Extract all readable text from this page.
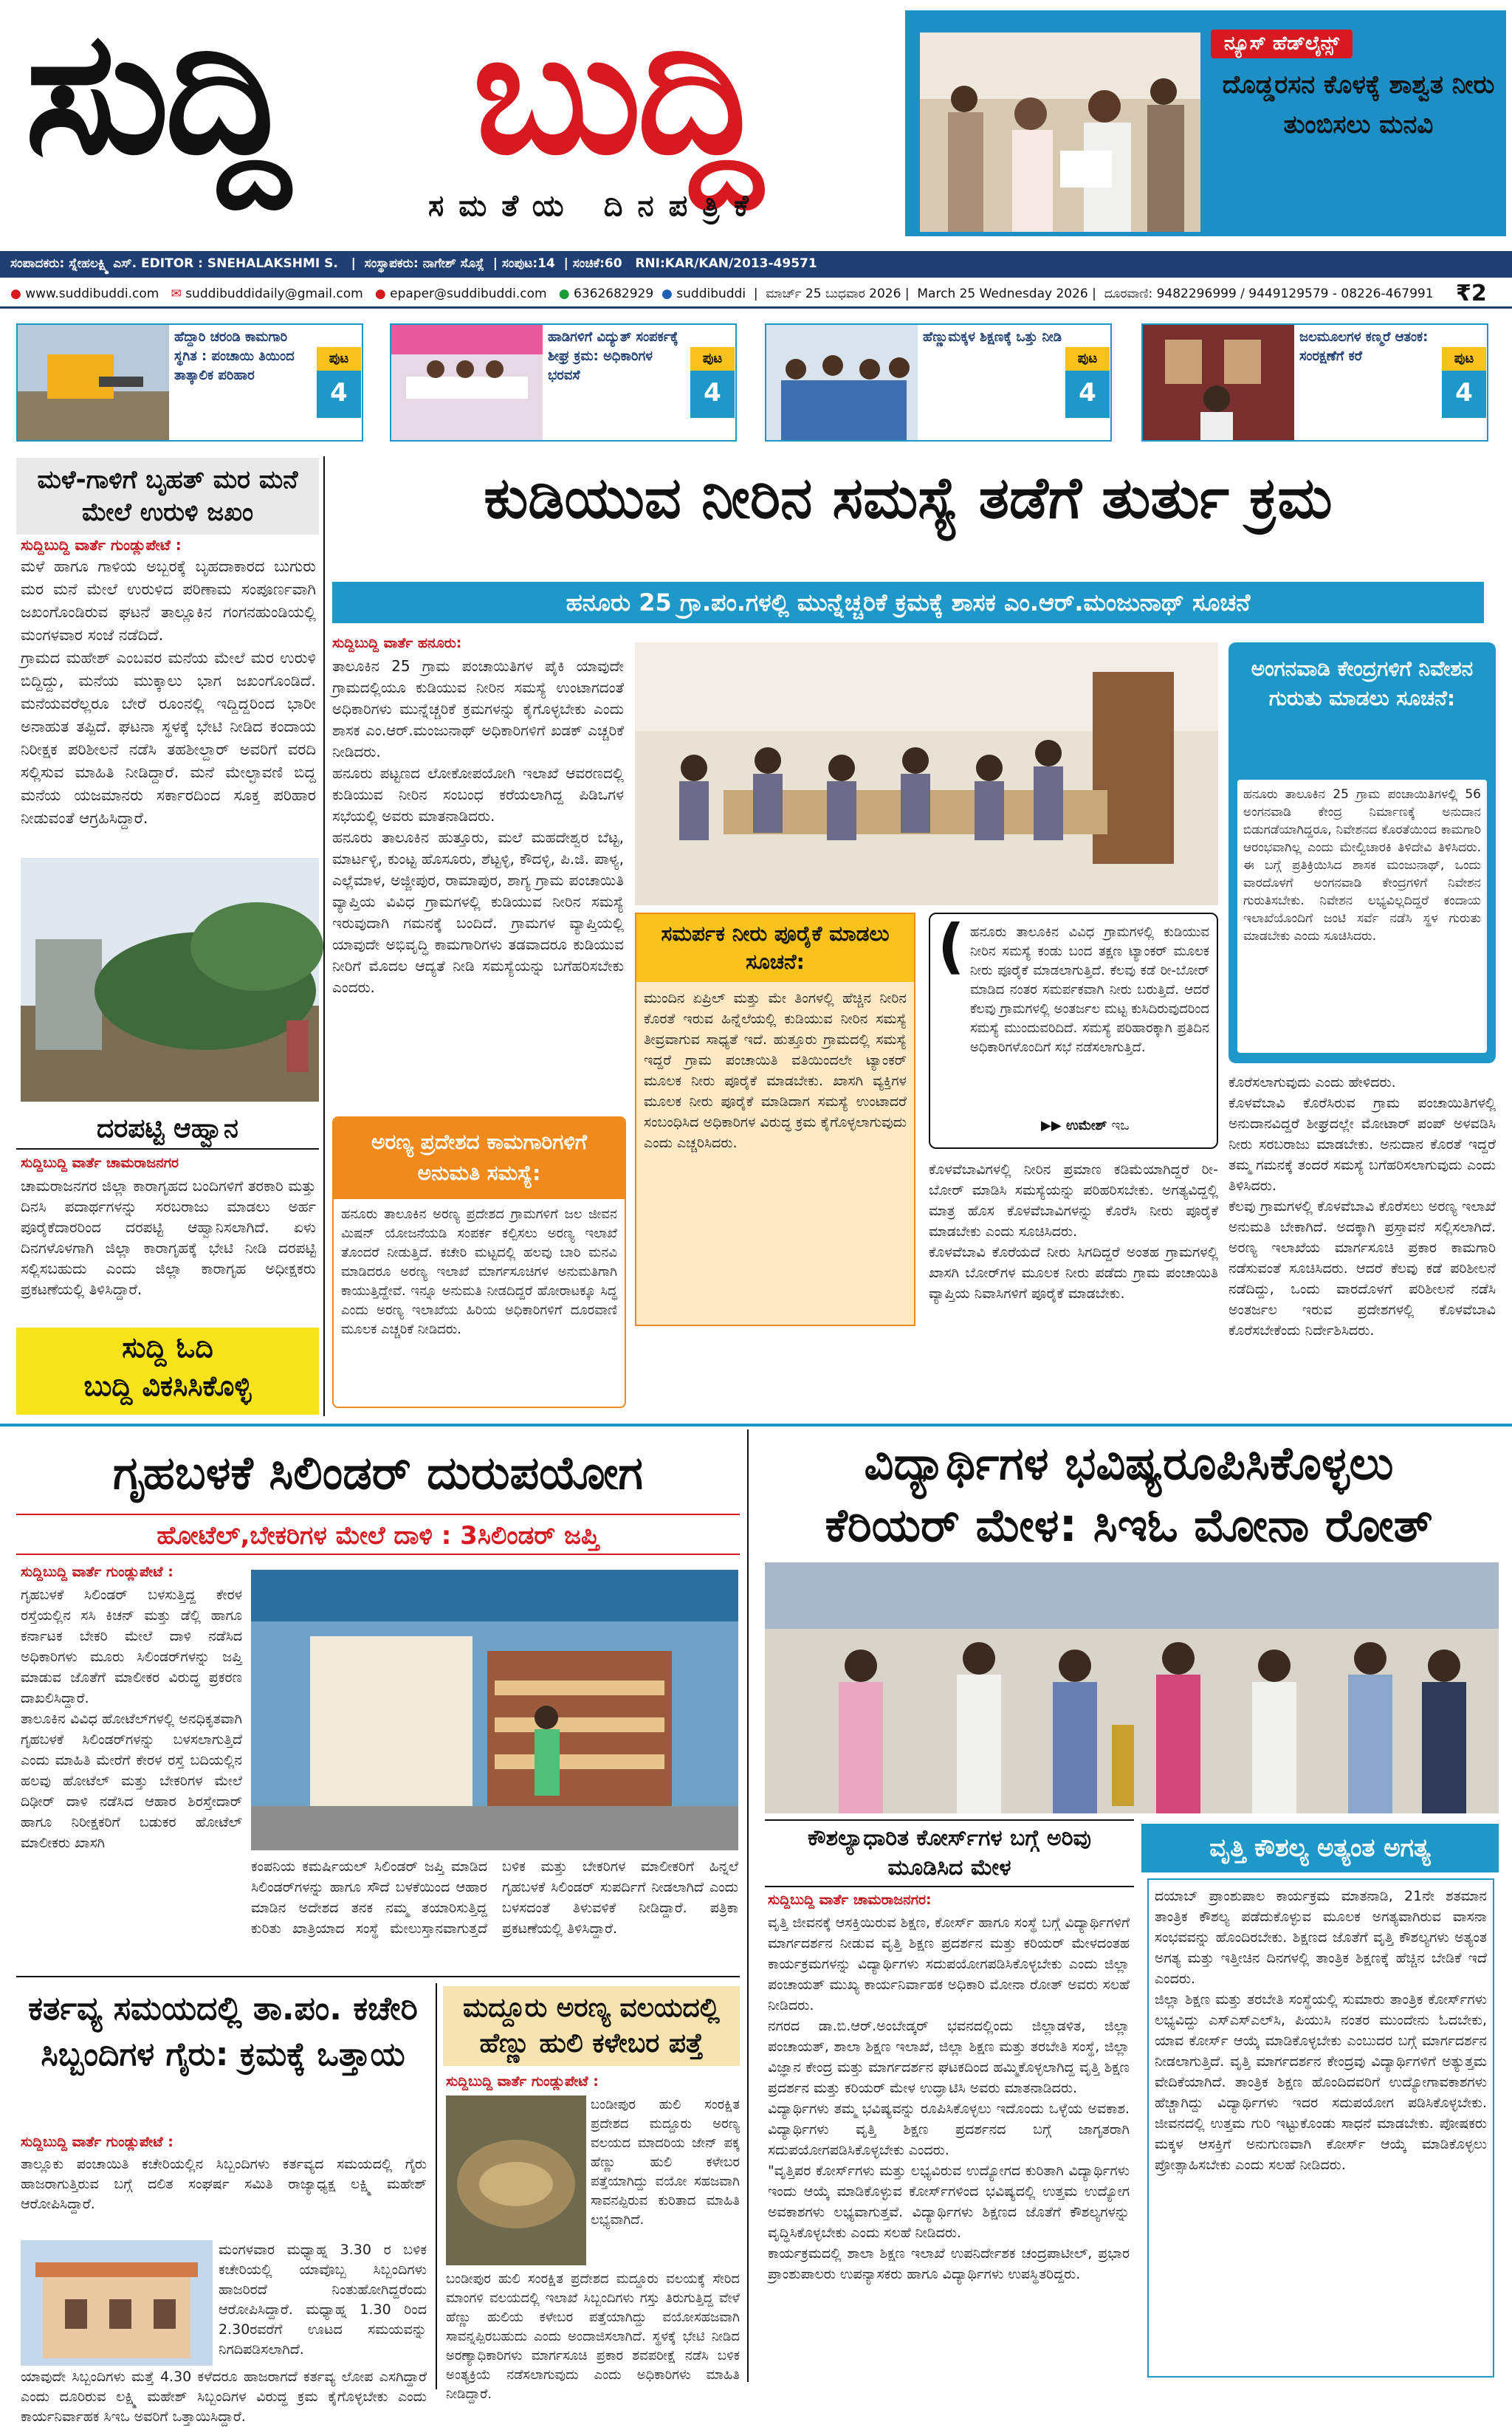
ಸುದ್ದಿ ಬುದ್ದಿ
ಸಮತೆಯ ದಿನಪತ್ರಿಕೆ
ನ್ಯೂಸ್ ಹೆಡ್‌ಲೈನ್ಸ್
ದೊಡ್ಡರಸನ ಕೊಳಕ್ಕೆ ಶಾಶ್ವತ ನೀರು ತುಂಬಿಸಲು ಮನವಿ
ಸಂಪಾದಕರು: ಸ್ನೇಹಲಕ್ಷ್ಮಿ ಎಸ್. EDITOR : SNEHALAKSHMI S.   |  ಸಂಸ್ಥಾಪಕರು: ನಾಗೇಶ್ ಸೊಸ್ಲೆ  | ಸಂಪುಟ:14  | ಸಂಚಿಕೆ:60 RNI:KAR/KAN/2013-49571
● www.suddibuddi.com ✉ suddibuddidaily@gmail.com ● epaper@suddibuddi.com ● 6362682929 ● suddibuddi  |  ಮಾರ್ಚ್ 25 ಬುಧವಾರ 2026 |  March 25 Wednesday 2026 |  ದೂರವಾಣಿ: 9482296999 / 9449129579 - 08226-467991	₹2
ಹೆದ್ದಾರಿ ಚರಂಡಿ ಕಾಮಗಾರಿ ಸ್ಥಗಿತ : ಪಂಚಾಯಿ ತಿಯಿಂದ ತಾತ್ಕಾಲಿಕ ಪರಿಹಾರ
ಪುಟ
4
ಹಾಡಿಗಳಿಗೆ ವಿದ್ಯುತ್ ಸಂಪರ್ಕಕ್ಕೆ ಶೀಘ್ರ ಕ್ರಮ: ಅಧಿಕಾರಿಗಳ ಭರವಸೆ
ಪುಟ
4
ಹೆಣ್ಣುಮಕ್ಕಳ ಶಿಕ್ಷಣಕ್ಕೆ ಒತ್ತು ನೀಡಿ
ಪುಟ
4
ಜಲಮೂಲಗಳ ಕಣ್ಮರೆ ಆತಂಕ: ಸಂರಕ್ಷಣೆಗೆ ಕರೆ	ಪುಟ
4
ಮಳೆ-ಗಾಳಿಗೆ ಬೃಹತ್ ಮರ ಮನೆ ಮೇಲೆ ಉರುಳಿ ಜಖಂ
ಸುದ್ದಿಬುದ್ದಿ ವಾರ್ತೆ ಗುಂಡ್ಲುಪೇಟೆ :
ಮಳೆ ಹಾಗೂ ಗಾಳಿಯ ಅಬ್ಬರಕ್ಕೆ ಬೃಹದಾಕಾರದ ಬುಗುರು ಮರ ಮನೆ ಮೇಲೆ ಉರುಳಿದ ಪರಿಣಾಮ ಸಂಪೂರ್ಣವಾಗಿ ಜಖಂಗೊಂಡಿರುವ ಘಟನೆ ತಾಲ್ಲೂಕಿನ ಗಂಗನಹುಂಡಿಯಲ್ಲಿ ಮಂಗಳವಾರ ಸಂಜೆ ನಡೆದಿದೆ.
ಗ್ರಾಮದ ಮಹೇಶ್ ಎಂಬವರ ಮನೆಯ ಮೇಲೆ ಮರ ಉರುಳಿ ಬಿದ್ದಿದ್ದು, ಮನೆಯ ಮುಕ್ಕಾಲು ಭಾಗ ಜಖಂಗೊಂಡಿದೆ. ಮನೆಯವರೆಲ್ಲರೂ ಬೇರೆ ರೂಂನಲ್ಲಿ ಇದ್ದಿದ್ದರಿಂದ ಭಾರೀ ಅನಾಹುತ ತಪ್ಪಿದೆ. ಘಟನಾ ಸ್ಥಳಕ್ಕೆ ಭೇಟಿ ನೀಡಿದ ಕಂದಾಯ ನಿರೀಕ್ಷಕ ಪರಿಶೀಲನೆ ನಡೆಸಿ ತಹಶೀಲ್ದಾರ್ ಅವರಿಗೆ ವರದಿ ಸಲ್ಲಿಸುವ ಮಾಹಿತಿ ನೀಡಿದ್ದಾರೆ. ಮನೆ ಮೇಲ್ಛಾವಣಿ ಬಿದ್ದ ಮನೆಯ ಯಜಮಾನರು ಸರ್ಕಾರದಿಂದ ಸೂಕ್ತ ಪರಿಹಾರ ನೀಡುವಂತೆ ಆಗ್ರಹಿಸಿದ್ದಾರೆ.
ದರಪಟ್ಟಿ ಆಹ್ವಾನ
ಸುದ್ದಿಬುದ್ದಿ ವಾರ್ತೆ ಚಾಮರಾಜನಗರ
ಚಾಮರಾಜನಗರ ಜಿಲ್ಲಾ ಕಾರಾಗೃಹದ ಬಂದಿಗಳಿಗೆ ತರಕಾರಿ ಮತ್ತು ದಿನಸಿ ಪದಾರ್ಥಗಳನ್ನು ಸರಬರಾಜು ಮಾಡಲು ಅರ್ಹ ಪೂರೈಕೆದಾರರಿಂದ ದರಪಟ್ಟಿ ಆಹ್ವಾನಿಸಲಾಗಿದೆ. ಏಳು ದಿನಗಳೊಳಗಾಗಿ ಜಿಲ್ಲಾ ಕಾರಾಗೃಹಕ್ಕೆ ಭೇಟಿ ನೀಡಿ ದರಪಟ್ಟಿ ಸಲ್ಲಿಸಬಹುದು ಎಂದು ಜಿಲ್ಲಾ ಕಾರಾಗೃಹ ಅಧೀಕ್ಷಕರು ಪ್ರಕಟಣೆಯಲ್ಲಿ ತಿಳಿಸಿದ್ದಾರೆ.
ಸುದ್ದಿ ಓದಿ
ಬುದ್ದಿ ವಿಕಸಿಸಿಕೊಳ್ಳಿ
ಕುಡಿಯುವ ನೀರಿನ ಸಮಸ್ಯೆ ತಡೆಗೆ ತುರ್ತು ಕ್ರಮ
ಹನೂರು 25 ಗ್ರಾ.ಪಂ.ಗಳಲ್ಲಿ ಮುನ್ನೆಚ್ಚರಿಕೆ ಕ್ರಮಕ್ಕೆ ಶಾಸಕ ಎಂ.ಆರ್.ಮಂಜುನಾಥ್ ಸೂಚನೆ
ಸುದ್ದಿಬುದ್ದಿ ವಾರ್ತೆ ಹನೂರು:
ತಾಲೂಕಿನ 25 ಗ್ರಾಮ ಪಂಚಾಯಿತಿಗಳ ಪೈಕಿ ಯಾವುದೇ ಗ್ರಾಮದಲ್ಲಿಯೂ ಕುಡಿಯುವ ನೀರಿನ ಸಮಸ್ಯೆ ಉಂಟಾಗದಂತೆ ಅಧಿಕಾರಿಗಳು ಮುನ್ನೆಚ್ಚರಿಕೆ ಕ್ರಮಗಳನ್ನು ಕೈಗೊಳ್ಳಬೇಕು ಎಂದು ಶಾಸಕ ಎಂ.ಆರ್.ಮಂಜುನಾಥ್ ಅಧಿಕಾರಿಗಳಿಗೆ ಖಡಕ್ ಎಚ್ಚರಿಕೆ ನೀಡಿದರು.
ಹನೂರು ಪಟ್ಟಣದ ಲೋಕೋಪಯೋಗಿ ಇಲಾಖೆ ಆವರಣದಲ್ಲಿ ಕುಡಿಯುವ ನೀರಿನ ಸಂಬಂಧ ಕರೆಯಲಾಗಿದ್ದ ಪಿಡಿಒಗಳ ಸಭೆಯಲ್ಲಿ ಅವರು ಮಾತನಾಡಿದರು.
ಹನೂರು ತಾಲೂಕಿನ ಹುತ್ತೂರು, ಮಲೆ ಮಹದೇಶ್ವರ ಬೆಟ್ಟ, ಮಾರ್ಟಳ್ಳಿ, ಕುಂಟ್ಟ ಹೊಸೂರು, ಶೆಟ್ಟಳ್ಳಿ, ಕೌದಳ್ಳಿ, ಪಿ.ಜಿ. ಪಾಳ್ಯ, ಎಲ್ಲೆಮಾಳ, ಅಜ್ಜೀಪುರ, ರಾಮಾಪುರ, ಶಾಗ್ಯ ಗ್ರಾಮ ಪಂಚಾಯಿತಿ ವ್ಯಾಪ್ತಿಯ ವಿವಿಧ ಗ್ರಾಮಗಳಲ್ಲಿ ಕುಡಿಯುವ ನೀರಿನ ಸಮಸ್ಯೆ ಇರುವುದಾಗಿ ಗಮನಕ್ಕೆ ಬಂದಿದೆ. ಗ್ರಾಮಗಳ ವ್ಯಾಪ್ತಿಯಲ್ಲಿ ಯಾವುದೇ ಅಭಿವೃದ್ಧಿ ಕಾಮಗಾರಿಗಳು ತಡವಾದರೂ ಕುಡಿಯುವ ನೀರಿಗೆ ಮೊದಲ ಆದ್ಯತೆ ನೀಡಿ ಸಮಸ್ಯೆಯನ್ನು ಬಗೆಹರಿಸಬೇಕು ಎಂದರು.
ಸಮರ್ಪಕ ನೀರು ಪೂರೈಕೆ ಮಾಡಲು ಸೂಚನೆ:
ಮುಂದಿನ ಏಪ್ರಿಲ್ ಮತ್ತು ಮೇ ತಿಂಗಳಲ್ಲಿ ಹೆಚ್ಚಿನ ನೀರಿನ ಕೊರತೆ ಇರುವ ಹಿನ್ನೆಲೆಯಲ್ಲಿ ಕುಡಿಯುವ ನೀರಿನ ಸಮಸ್ಯೆ ತೀವ್ರವಾಗುವ ಸಾಧ್ಯತೆ ಇದೆ. ಹುತ್ತೂರು ಗ್ರಾಮದಲ್ಲಿ ಸಮಸ್ಯೆ ಇದ್ದರೆ ಗ್ರಾಮ ಪಂಚಾಯಿತಿ ವತಿಯಿಂದಲೇ ಟ್ಯಾಂಕರ್ ಮೂಲಕ ನೀರು ಪೂರೈಕೆ ಮಾಡಬೇಕು. ಖಾಸಗಿ ವ್ಯಕ್ತಿಗಳ ಮೂಲಕ ನೀರು ಪೂರೈಕೆ ಮಾಡಿದಾಗ ಸಮಸ್ಯೆ ಉಂಟಾದರೆ ಸಂಬಂಧಿಸಿದ ಅಧಿಕಾರಿಗಳ ವಿರುದ್ಧ ಕ್ರಮ ಕೈಗೊಳ್ಳಲಾಗುವುದು ಎಂದು ಎಚ್ಚರಿಸಿದರು.
( ಹನೂರು ತಾಲೂಕಿನ ವಿವಿಧ ಗ್ರಾಮಗಳಲ್ಲಿ ಕುಡಿಯುವ ನೀರಿನ ಸಮಸ್ಯೆ ಕಂಡು ಬಂದ ತಕ್ಷಣ ಟ್ಯಾಂಕರ್ ಮೂಲಕ ನೀರು ಪೂರೈಕೆ ಮಾಡಲಾಗುತ್ತಿದೆ. ಕೆಲವು ಕಡೆ ರೀ-ಬೋರ್ ಮಾಡಿದ ನಂತರ ಸಮರ್ಪಕವಾಗಿ ನೀರು ಬರುತ್ತಿದೆ. ಆದರೆ ಕೆಲವು ಗ್ರಾಮಗಳಲ್ಲಿ ಅಂತರ್ಜಲ ಮಟ್ಟ ಕುಸಿದಿರುವುದರಿಂದ ಸಮಸ್ಯೆ ಮುಂದುವರಿದಿದೆ. ಸಮಸ್ಯೆ ಪರಿಹಾರಕ್ಕಾಗಿ ಪ್ರತಿದಿನ ಅಧಿಕಾರಿಗಳೊಂದಿಗೆ ಸಭೆ ನಡೆಸಲಾಗುತ್ತಿದೆ.
▶▶ ಉಮೇಶ್ ಇಒ
ಕೊಳವೆಬಾವಿಗಳಲ್ಲಿ ನೀರಿನ ಪ್ರಮಾಣ ಕಡಿಮೆಯಾಗಿದ್ದರೆ ರೀ-ಬೋರ್ ಮಾಡಿಸಿ ಸಮಸ್ಯೆಯನ್ನು ಪರಿಹರಿಸಬೇಕು. ಅಗತ್ಯವಿದ್ದಲ್ಲಿ ಮಾತ್ರ ಹೊಸ ಕೊಳವೆಬಾವಿಗಳನ್ನು ಕೊರೆಸಿ ನೀರು ಪೂರೈಕೆ ಮಾಡಬೇಕು ಎಂದು ಸೂಚಿಸಿದರು.
ಕೊಳವೆಬಾವಿ ಕೊರೆಯದೆ ನೀರು ಸಿಗದಿದ್ದರೆ ಅಂತಹ ಗ್ರಾಮಗಳಲ್ಲಿ ಖಾಸಗಿ ಬೋರ್‌ಗಳ ಮೂಲಕ ನೀರು ಪಡೆದು ಗ್ರಾಮ ಪಂಚಾಯಿತಿ ವ್ಯಾಪ್ತಿಯ ನಿವಾಸಿಗಳಿಗೆ ಪೂರೈಕೆ ಮಾಡಬೇಕು.
ಅರಣ್ಯ ಪ್ರದೇಶದ ಕಾಮಗಾರಿಗಳಿಗೆ ಅನುಮತಿ ಸಮಸ್ಯೆ:
ಹನೂರು ತಾಲೂಕಿನ ಅರಣ್ಯ ಪ್ರದೇಶದ ಗ್ರಾಮಗಳಿಗೆ ಜಲ ಜೀವನ ಮಿಷನ್ ಯೋಜನೆಯಡಿ ಸಂಪರ್ಕ ಕಲ್ಪಿಸಲು ಅರಣ್ಯ ಇಲಾಖೆ ತೊಂದರೆ ನೀಡುತ್ತಿದೆ. ಕಚೇರಿ ಮಟ್ಟದಲ್ಲಿ ಹಲವು ಬಾರಿ ಮನವಿ ಮಾಡಿದರೂ ಅರಣ್ಯ ಇಲಾಖೆ ಮಾರ್ಗಸೂಚಿಗಳ ಅನುಮತಿಗಾಗಿ ಕಾಯುತ್ತಿದ್ದೇವೆ. ಇನ್ನೂ ಅನುಮತಿ ನೀಡದಿದ್ದರೆ ಹೋರಾಟಕ್ಕೂ ಸಿದ್ಧ ಎಂದು ಅರಣ್ಯ ಇಲಾಖೆಯ ಹಿರಿಯ ಅಧಿಕಾರಿಗಳಿಗೆ ದೂರವಾಣಿ ಮೂಲಕ ಎಚ್ಚರಿಕೆ ನೀಡಿದರು.
ಅಂಗನವಾಡಿ ಕೇಂದ್ರಗಳಿಗೆ ನಿವೇಶನ ಗುರುತು ಮಾಡಲು ಸೂಚನೆ:
ಹನೂರು ತಾಲೂಕಿನ 25 ಗ್ರಾಮ ಪಂಚಾಯಿತಿಗಳಲ್ಲಿ 56 ಅಂಗನವಾಡಿ ಕೇಂದ್ರ ನಿರ್ಮಾಣಕ್ಕೆ ಅನುದಾನ ಬಿಡುಗಡೆಯಾಗಿದ್ದರೂ, ನಿವೇಶನದ ಕೊರತೆಯಿಂದ ಕಾಮಗಾರಿ ಆರಂಭವಾಗಿಲ್ಲ ಎಂದು ಮೇಲ್ವಿಚಾರಕಿ ತಿಳಿದೇವಿ ತಿಳಿಸಿದರು. ಈ ಬಗ್ಗೆ ಪ್ರತಿಕ್ರಿಯಿಸಿದ ಶಾಸಕ ಮಂಜುನಾಥ್, ಒಂದು ವಾರದೊಳಗೆ ಅಂಗನವಾಡಿ ಕೇಂದ್ರಗಳಿಗೆ ನಿವೇಶನ ಗುರುತಿಸಬೇಕು. ನಿವೇಶನ ಲಭ್ಯವಿಲ್ಲದಿದ್ದರೆ ಕಂದಾಯ ಇಲಾಖೆಯೊಂದಿಗೆ ಜಂಟಿ ಸರ್ವೆ ನಡೆಸಿ ಸ್ಥಳ ಗುರುತು ಮಾಡಬೇಕು ಎಂದು ಸೂಚಿಸಿದರು.
ಕೊರೆಸಲಾಗುವುದು ಎಂದು ಹೇಳಿದರು.
ಕೊಳವೆಬಾವಿ ಕೊರೆಸಿರುವ ಗ್ರಾಮ ಪಂಚಾಯಿತಿಗಳಲ್ಲಿ ಅನುದಾನವಿದ್ದರೆ ಶೀಘ್ರದಲ್ಲೇ ಮೋಟಾರ್ ಪಂಪ್ ಅಳವಡಿಸಿ ನೀರು ಸರಬರಾಜು ಮಾಡಬೇಕು. ಅನುದಾನ ಕೊರತೆ ಇದ್ದರೆ ತಮ್ಮ ಗಮನಕ್ಕೆ ತಂದರೆ ಸಮಸ್ಯೆ ಬಗೆಹರಿಸಲಾಗುವುದು ಎಂದು ತಿಳಿಸಿದರು.
ಕೆಲವು ಗ್ರಾಮಗಳಲ್ಲಿ ಕೊಳವೆಬಾವಿ ಕೊರೆಸಲು ಅರಣ್ಯ ಇಲಾಖೆ ಅನುಮತಿ ಬೇಕಾಗಿದೆ. ಅದಕ್ಕಾಗಿ ಪ್ರಸ್ತಾವನೆ ಸಲ್ಲಿಸಲಾಗಿದೆ. ಅರಣ್ಯ ಇಲಾಖೆಯ ಮಾರ್ಗಸೂಚಿ ಪ್ರಕಾರ ಕಾಮಗಾರಿ ನಡೆಸುವಂತೆ ಸೂಚಿಸಿದರು. ಆದರೆ ಕೆಲವು ಕಡೆ ಪರಿಶೀಲನೆ ನಡೆದಿದ್ದು, ಒಂದು ವಾರದೊಳಗೆ ಪರಿಶೀಲನೆ ನಡೆಸಿ ಅಂತರ್ಜಲ ಇರುವ ಪ್ರದೇಶಗಳಲ್ಲಿ ಕೊಳವೆಬಾವಿ ಕೊರೆಸಬೇಕೆಂದು ನಿರ್ದೇಶಿಸಿದರು.
ಗೃಹಬಳಕೆ ಸಿಲಿಂಡರ್ ದುರುಪಯೋಗ
ಹೋಟೆಲ್,ಬೇಕರಿಗಳ ಮೇಲೆ ದಾಳಿ : 3ಸಿಲಿಂಡರ್ ಜಪ್ತಿ
ಸುದ್ದಿಬುದ್ದಿ ವಾರ್ತೆ ಗುಂಡ್ಲುಪೇಟೆ :
ಗೃಹಬಳಕೆ ಸಿಲಿಂಡರ್ ಬಳಸುತ್ತಿದ್ದ ಕೇರಳ ರಸ್ತೆಯಲ್ಲಿನ ಸಸಿ ಕಿಚನ್ ಮತ್ತು ಡೆಲ್ಲಿ ಹಾಗೂ ಕರ್ನಾಟಕ ಬೇಕರಿ ಮೇಲೆ ದಾಳಿ ನಡೆಸಿದ ಅಧಿಕಾರಿಗಳು ಮೂರು ಸಿಲಿಂಡರ್‌ಗಳನ್ನು ಜಪ್ತಿ ಮಾಡುವ ಜೊತೆಗೆ ಮಾಲೀಕರ ವಿರುದ್ಧ ಪ್ರಕರಣ ದಾಖಲಿಸಿದ್ದಾರೆ.
ತಾಲೂಕಿನ ವಿವಿಧ ಹೋಟೆಲ್‌ಗಳಲ್ಲಿ ಅನಧಿಕೃತವಾಗಿ ಗೃಹಬಳಕೆ ಸಿಲಿಂಡರ್‌ಗಳನ್ನು ಬಳಸಲಾಗುತ್ತಿದೆ ಎಂದು ಮಾಹಿತಿ ಮೇರೆಗೆ ಕೇರಳ ರಸ್ತೆ ಬದಿಯಲ್ಲಿನ ಹಲವು ಹೋಟೆಲ್ ಮತ್ತು ಬೇಕರಿಗಳ ಮೇಲೆ ದಿಢೀರ್ ದಾಳಿ ನಡೆಸಿದ ಆಹಾರ ಶಿರಸ್ತೇದಾರ್ ಹಾಗೂ ನಿರೀಕ್ಷಕರಿಗೆ ಬಡುಕರ ಹೋಟೆಲ್ ಮಾಲೀಕರು ಖಾಸಗಿ
ಕಂಪನಿಯ ಕಮರ್ಷಿಯಲ್ ಸಿಲಿಂಡರ್ ಜಪ್ತಿ ಮಾಡಿದ ಸಿಲಿಂಡರ್‌ಗಳನ್ನು ಹಾಗೂ ಸೌದೆ ಬಳಕೆಯಿಂದ ಆಹಾರ ಮಾಡಿನ ಅದೇಶದ ತನಕ ನಮ್ಮ ತಯಾರಿಸುತ್ತಿದ್ದ ಕುರಿತು ಖಾತ್ರಿಯಾದ ಸಂಸ್ಥೆ ಮೇಲುಸ್ತಾನವಾಗುತ್ತದೆ ಬಳಿಕ ಮತ್ತು ಬೇಕರಿಗಳ ಮಾಲೀಕರಿಗೆ ಹಿನ್ನಲೆ ಗೃಹಬಳಕೆ ಸಿಲಿಂಡರ್ ಸುಪರ್ದಿಗೆ ನೀಡಲಾಗಿದೆ ಎಂದು ಬಳಸದಂತೆ ತಿಳುವಳಿಕೆ ನೀಡಿದ್ದಾರೆ. ಪತ್ರಿಕಾ ಪ್ರಕಟಣೆಯಲ್ಲಿ ತಿಳಿಸಿದ್ದಾರೆ.
ವಿದ್ಯಾರ್ಥಿಗಳ ಭವಿಷ್ಯರೂಪಿಸಿಕೊಳ್ಳಲು
ಕೆರಿಯರ್ ಮೇಳ: ಸಿಇಓ ಮೋನಾ ರೋತ್
ಕೌಶಲ್ಯಾಧಾರಿತ ಕೋರ್ಸ್‌ಗಳ ಬಗ್ಗೆ ಅರಿವು ಮೂಡಿಸಿದ ಮೇಳ
ಸುದ್ದಿಬುದ್ದಿ ವಾರ್ತೆ ಚಾಮರಾಜನಗರ:
ವೃತ್ತಿ ಜೀವನಕ್ಕೆ ಆಸಕ್ತಿಯಿರುವ ಶಿಕ್ಷಣ, ಕೋರ್ಸ್ ಹಾಗೂ ಸಂಸ್ಥೆ ಬಗ್ಗೆ ವಿದ್ಯಾರ್ಥಿಗಳಿಗೆ ಮಾರ್ಗದರ್ಶನ ನೀಡುವ ವೃತ್ತಿ ಶಿಕ್ಷಣ ಪ್ರದರ್ಶನ ಮತ್ತು ಕರಿಯರ್ ಮೇಳದಂತಹ ಕಾರ್ಯಕ್ರಮಗಳನ್ನು ವಿದ್ಯಾರ್ಥಿಗಳು ಸದುಪಯೋಗಪಡಿಸಿಕೊಳ್ಳಬೇಕು ಎಂದು ಜಿಲ್ಲಾ ಪಂಚಾಯತ್ ಮುಖ್ಯ ಕಾರ್ಯನಿರ್ವಾಹಕ ಅಧಿಕಾರಿ ಮೋನಾ ರೋತ್ ಅವರು ಸಲಹೆ ನೀಡಿದರು.
ನಗರದ ಡಾ.ಬಿ.ಆರ್.ಅಂಬೇಡ್ಕರ್ ಭವನದಲ್ಲಿಂದು ಜಿಲ್ಲಾಡಳಿತ, ಜಿಲ್ಲಾ ಪಂಚಾಯತ್, ಶಾಲಾ ಶಿಕ್ಷಣ ಇಲಾಖೆ, ಜಿಲ್ಲಾ ಶಿಕ್ಷಣ ಮತ್ತು ತರಬೇತಿ ಸಂಸ್ಥೆ, ಜಿಲ್ಲಾ ವಿಜ್ಞಾನ ಕೇಂದ್ರ ಮತ್ತು ಮಾರ್ಗದರ್ಶನ ಘಟಕದಿಂದ ಹಮ್ಮಿಕೊಳ್ಳಲಾಗಿದ್ದ ವೃತ್ತಿ ಶಿಕ್ಷಣ ಪ್ರದರ್ಶನ ಮತ್ತು ಕರಿಯರ್ ಮೇಳ ಉದ್ಘಾಟಿಸಿ ಅವರು ಮಾತನಾಡಿದರು.
ವಿದ್ಯಾರ್ಥಿಗಳು ತಮ್ಮ ಭವಿಷ್ಯವನ್ನು ರೂಪಿಸಿಕೊಳ್ಳಲು ಇದೊಂದು ಒಳ್ಳೆಯ ಅವಕಾಶ. ವಿದ್ಯಾರ್ಥಿಗಳು ವೃತ್ತಿ ಶಿಕ್ಷಣ ಪ್ರದರ್ಶನದ ಬಗ್ಗೆ ಜಾಗೃತರಾಗಿ ಸದುಪಯೋಗಪಡಿಸಿಕೊಳ್ಳಬೇಕು ಎಂದರು.
"ವೃತ್ತಿಪರ ಕೋರ್ಸ್‌ಗಳು ಮತ್ತು ಲಭ್ಯವಿರುವ ಉದ್ಯೋಗದ ಕುರಿತಾಗಿ ವಿದ್ಯಾರ್ಥಿಗಳು ಇಂದು ಆಯ್ಕೆ ಮಾಡಿಕೊಳ್ಳುವ ಕೋರ್ಸ್‌ಗಳಿಂದ ಭವಿಷ್ಯದಲ್ಲಿ ಉತ್ತಮ ಉದ್ಯೋಗ ಅವಕಾಶಗಳು ಲಭ್ಯವಾಗುತ್ತವೆ. ವಿದ್ಯಾರ್ಥಿಗಳು ಶಿಕ್ಷಣದ ಜೊತೆಗೆ ಕೌಶಲ್ಯಗಳನ್ನು ವೃದ್ಧಿಸಿಕೊಳ್ಳಬೇಕು ಎಂದು ಸಲಹೆ ನೀಡಿದರು.
ಕಾರ್ಯಕ್ರಮದಲ್ಲಿ ಶಾಲಾ ಶಿಕ್ಷಣ ಇಲಾಖೆ ಉಪನಿರ್ದೇಶಕ ಚಂದ್ರಪಾಟೀಲ್, ಪ್ರಭಾರ ಪ್ರಾಂಶುಪಾಲರು ಉಪನ್ಯಾಸಕರು ಹಾಗೂ ವಿದ್ಯಾರ್ಥಿಗಳು ಉಪಸ್ಥಿತರಿದ್ದರು.
ವೃತ್ತಿ ಕೌಶಲ್ಯ ಅತ್ಯಂತ ಅಗತ್ಯ
ದಯಾಬ್ ಪ್ರಾಂಶುಪಾಲ ಕಾರ್ಯಕ್ರಮ ಮಾತನಾಡಿ, 21ನೇ ಶತಮಾನ ತಾಂತ್ರಿಕ ಕೌಶಲ್ಯ ಪಡೆದುಕೊಳ್ಳುವ ಮೂಲಕ ಅಗತ್ಯವಾಗಿರುವ ವಾಸನಾ ಸಂಭವವನ್ನು ಹೊಂದಿರಬೇಕು. ಶಿಕ್ಷಣದ ಜೊತೆಗೆ ವೃತ್ತಿ ಕೌಶಲ್ಯಗಳು ಅತ್ಯಂತ ಅಗತ್ಯ ಮತ್ತು ಇತ್ತೀಚಿನ ದಿನಗಳಲ್ಲಿ ತಾಂತ್ರಿಕ ಶಿಕ್ಷಣಕ್ಕೆ ಹೆಚ್ಚಿನ ಬೇಡಿಕೆ ಇದೆ ಎಂದರು.
ಜಿಲ್ಲಾ ಶಿಕ್ಷಣ ಮತ್ತು ತರಬೇತಿ ಸಂಸ್ಥೆಯಲ್ಲಿ ಸುಮಾರು ತಾಂತ್ರಿಕ ಕೋರ್ಸ್‌ಗಳು ಲಭ್ಯವಿದ್ದು ಎಸ್‌ಎಸ್‌ಎಲ್‌ಸಿ, ಪಿಯುಸಿ ನಂತರ ಮುಂದೇನು ಓದಬೇಕು, ಯಾವ ಕೋರ್ಸ್ ಆಯ್ಕೆ ಮಾಡಿಕೊಳ್ಳಬೇಕು ಎಂಬುದರ ಬಗ್ಗೆ ಮಾರ್ಗದರ್ಶನ ನೀಡಲಾಗುತ್ತಿದೆ. ವೃತ್ತಿ ಮಾರ್ಗದರ್ಶನ ಕೇಂದ್ರವು ವಿದ್ಯಾರ್ಥಿಗಳಿಗೆ ಅತ್ಯುತ್ತಮ ವೇದಿಕೆಯಾಗಿದೆ. ತಾಂತ್ರಿಕ ಶಿಕ್ಷಣ ಹೊಂದಿದವರಿಗೆ ಉದ್ಯೋಗಾವಕಾಶಗಳು ಹೆಚ್ಚಾಗಿದ್ದು ವಿದ್ಯಾರ್ಥಿಗಳು ಇದರ ಸದುಪಯೋಗ ಪಡಿಸಿಕೊಳ್ಳಬೇಕು. ಜೀವನದಲ್ಲಿ ಉತ್ತಮ ಗುರಿ ಇಟ್ಟುಕೊಂಡು ಸಾಧನೆ ಮಾಡಬೇಕು. ಪೋಷಕರು ಮಕ್ಕಳ ಆಸಕ್ತಿಗೆ ಅನುಗುಣವಾಗಿ ಕೋರ್ಸ್ ಆಯ್ಕೆ ಮಾಡಿಕೊಳ್ಳಲು ಪ್ರೋತ್ಸಾಹಿಸಬೇಕು ಎಂದು ಸಲಹೆ ನೀಡಿದರು.
ಕರ್ತವ್ಯ ಸಮಯದಲ್ಲಿ ತಾ.ಪಂ. ಕಚೇರಿ ಸಿಬ್ಬಂದಿಗಳ ಗೈರು: ಕ್ರಮಕ್ಕೆ ಒತ್ತಾಯ
ಸುದ್ದಿಬುದ್ದಿ ವಾರ್ತೆ ಗುಂಡ್ಲುಪೇಟೆ :
ತಾಲ್ಲೂಕು ಪಂಚಾಯಿತಿ ಕಚೇರಿಯಲ್ಲಿನ ಸಿಬ್ಬಂದಿಗಳು ಕರ್ತವ್ಯದ ಸಮಯದಲ್ಲಿ ಗೈರು ಹಾಜರಾಗುತ್ತಿರುವ ಬಗ್ಗೆ ದಲಿತ ಸಂಘರ್ಷ ಸಮಿತಿ ರಾಜ್ಯಾಧ್ಯಕ್ಷ ಲಕ್ಷ್ಮಿ ಮಹೇಶ್ ಆರೋಪಿಸಿದ್ದಾರೆ.
ಮಂಗಳವಾರ ಮಧ್ಯಾಹ್ನ 3.30 ರ ಬಳಿಕ ಕಚೇರಿಯಲ್ಲಿ ಯಾವೊಬ್ಬ ಸಿಬ್ಬಂದಿಗಳು ಹಾಜರಿರದೆ ನಿಂತುಹೋಗಿದ್ದರೆಂದು ಆರೋಪಿಸಿದ್ದಾರೆ. ಮಧ್ಯಾಹ್ನ 1.30 ರಿಂದ 2.30ರವರೆಗೆ ಊಟದ ಸಮಯವನ್ನು ನಿಗದಿಪಡಿಸಲಾಗಿದೆ.
ಯಾವುದೇ ಸಿಬ್ಬಂದಿಗಳು ಮತ್ತೆ 4.30 ಕಳೆದರೂ ಹಾಜರಾಗದೆ ಕರ್ತವ್ಯ ಲೋಪ ಎಸಗಿದ್ದಾರೆ ಎಂದು ದೂರಿರುವ ಲಕ್ಷ್ಮಿ ಮಹೇಶ್ ಸಿಬ್ಬಂದಿಗಳ ವಿರುದ್ಧ ಕ್ರಮ ಕೈಗೊಳ್ಳಬೇಕು ಎಂದು ಕಾರ್ಯನಿರ್ವಾಹಕ ಸಿಇಒ ಅವರಿಗೆ ಒತ್ತಾಯಿಸಿದ್ದಾರೆ.
ಮದ್ದೂರು ಅರಣ್ಯ ವಲಯದಲ್ಲಿ ಹೆಣ್ಣು ಹುಲಿ ಕಳೇಬರ ಪತ್ತೆ
ಸುದ್ದಿಬುದ್ದಿ ವಾರ್ತೆ ಗುಂಡ್ಲುಪೇಟೆ :
ಬಂಡೀಪುರ ಹುಲಿ ಸಂರಕ್ಷಿತ ಪ್ರದೇಶದ ಮದ್ದೂರು ಅರಣ್ಯ ವಲಯದ ಮಾದರಿಯ ಜೇನ್ ಪಕ್ಕ ಹೆಣ್ಣು ಹುಲಿ ಕಳೇಬರ ಪತ್ತೆಯಾಗಿದ್ದು ವಯೋ ಸಹಜವಾಗಿ ಸಾವನಪ್ಪಿರುವ ಕುರಿತಾದ ಮಾಹಿತಿ ಲಭ್ಯವಾಗಿದೆ.
ಬಂಡೀಪುರ ಹುಲಿ ಸಂರಕ್ಷಿತ ಪ್ರದೇಶದ ಮದ್ದೂರು ವಲಯಕ್ಕೆ ಸೇರಿದ ಮಾಂಗಳಿ ವಲಯದಲ್ಲಿ ಇಲಾಖೆ ಸಿಬ್ಬಂದಿಗಳು ಗಸ್ತು ತಿರುಗುತ್ತಿದ್ದ ವೇಳೆ ಹೆಣ್ಣು ಹುಲಿಯ ಕಳೇಬರ ಪತ್ತೆಯಾಗಿದ್ದು ವಯೋಸಹಜವಾಗಿ ಸಾವನ್ನಪ್ಪಿರಬಹುದು ಎಂದು ಅಂದಾಜಿಸಲಾಗಿದೆ. ಸ್ಥಳಕ್ಕೆ ಭೇಟಿ ನೀಡಿದ ಅರಣ್ಯಾಧಿಕಾರಿಗಳು ಮಾರ್ಗಸೂಚಿ ಪ್ರಕಾರ ಶವಪರೀಕ್ಷೆ ನಡೆಸಿ ಬಳಿಕ ಅಂತ್ಯಕ್ರಿಯೆ ನಡೆಸಲಾಗುವುದು ಎಂದು ಅಧಿಕಾರಿಗಳು ಮಾಹಿತಿ ನೀಡಿದ್ದಾರೆ.
